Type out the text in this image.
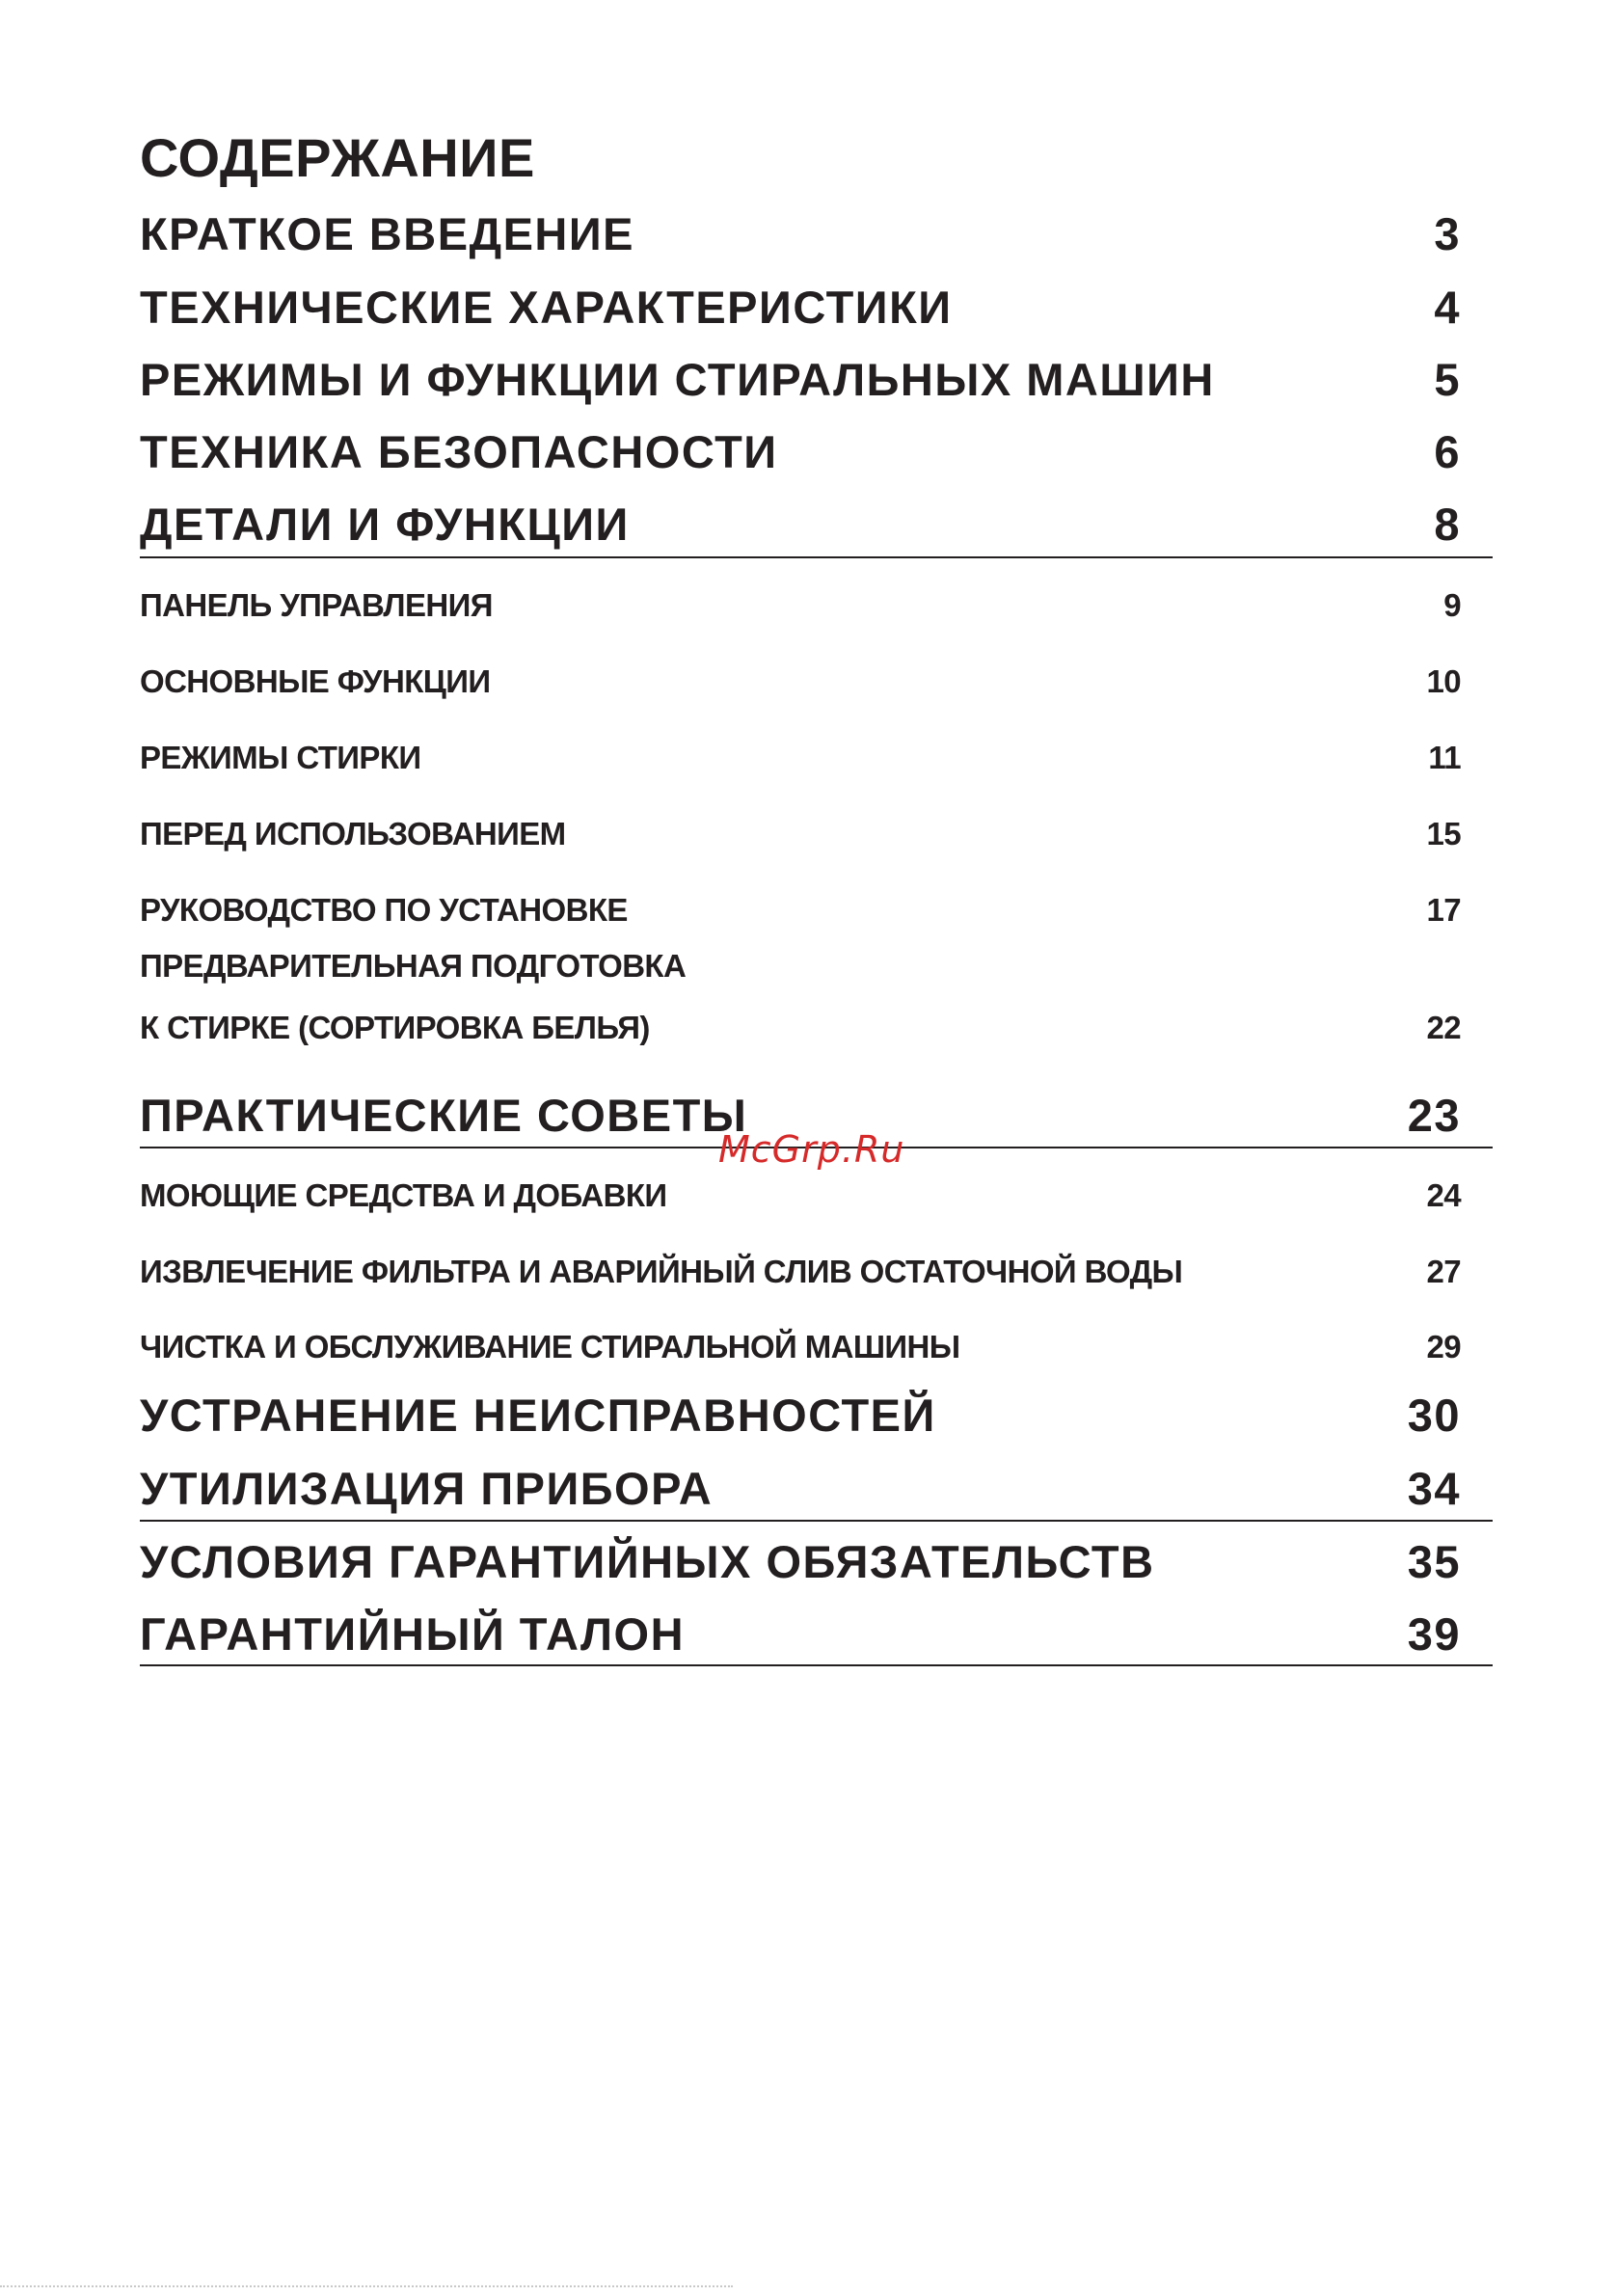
СОДЕРЖАНИЕ
КРАТКОЕ ВВЕДЕНИЕ	3
ТЕХНИЧЕСКИЕ ХАРАКТЕРИСТИКИ	4
РЕЖИМЫ И ФУНКЦИИ СТИРАЛЬНЫХ МАШИН	5
ТЕХНИКА БЕЗОПАСНОСТИ	6
ДЕТАЛИ И ФУНКЦИИ	8
ПАНЕЛЬ УПРАВЛЕНИЯ	9
ОСНОВНЫЕ ФУНКЦИИ	10
РЕЖИМЫ СТИРКИ	11
ПЕРЕД ИСПОЛЬЗОВАНИЕМ	15
РУКОВОДСТВО ПО УСТАНОВКЕ	17
ПРЕДВАРИТЕЛЬНАЯ ПОДГОТОВКА
К СТИРКЕ (СОРТИРОВКА БЕЛЬЯ)	22
ПРАКТИЧЕСКИЕ СОВЕТЫ	23
McGrp.Ru
МОЮЩИЕ СРЕДСТВА И ДОБАВКИ	24
ИЗВЛЕЧЕНИЕ ФИЛЬТРА И АВАРИЙНЫЙ СЛИВ ОСТАТОЧНОЙ ВОДЫ	27
ЧИСТКА И ОБСЛУЖИВАНИЕ СТИРАЛЬНОЙ МАШИНЫ	29
УСТРАНЕНИЕ НЕИСПРАВНОСТЕЙ	30
УТИЛИЗАЦИЯ ПРИБОРА	34
УСЛОВИЯ ГАРАНТИЙНЫХ ОБЯЗАТЕЛЬСТВ	35
ГАРАНТИЙНЫЙ ТАЛОН	39
